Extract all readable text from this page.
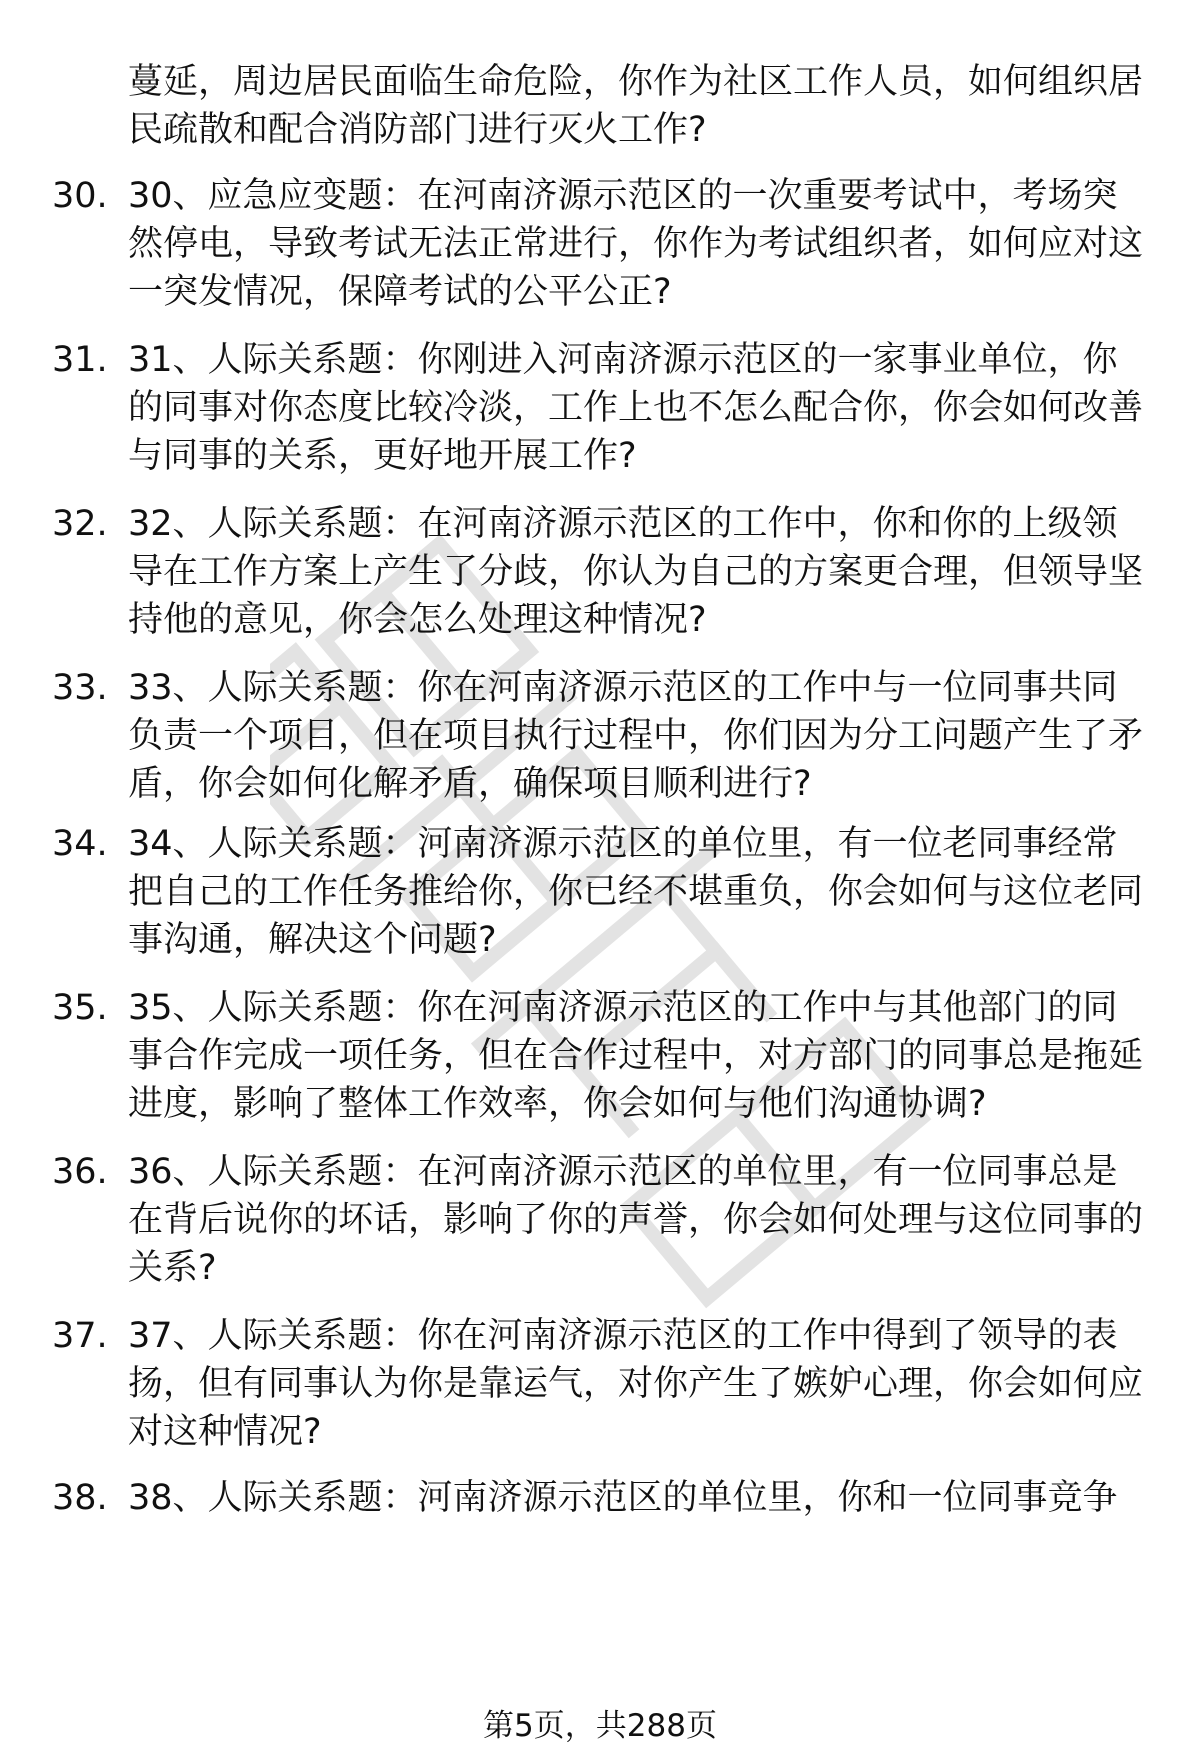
蔓延，周边居民面临生命危险，你作为社区工作人员，如何组织居民疏散和配合消防部门进行灭火工作?
30. 30、应急应变题：在河南济源示范区的一次重要考试中，考场突然停电，导致考试无法正常进行，你作为考试组织者，如何应对这一突发情况，保障考试的公平公正?
31. 31、人际关系题：你刚进入河南济源示范区的一家事业单位，你的同事对你态度比较冷淡，工作上也不怎么配合你，你会如何改善与同事的关系，更好地开展工作?
32. 32、人际关系题：在河南济源示范区的工作中，你和你的上级领导在工作方案上产生了分歧，你认为自己的方案更合理，但领导坚持他的意见，你会怎么处理这种情况?
33. 33、人际关系题：你在河南济源示范区的工作中与一位同事共同负责一个项目，但在项目执行过程中，你们因为分工问题产生了矛盾，你会如何化解矛盾，确保项目顺利进行?
34. 34、人际关系题：河南济源示范区的单位里，有一位老同事经常把自己的工作任务推给你，你已经不堪重负，你会如何与这位老同事沟通，解决这个问题?
35. 35、人际关系题：你在河南济源示范区的工作中与其他部门的同事合作完成一项任务，但在合作过程中，对方部门的同事总是拖延进度，影响了整体工作效率，你会如何与他们沟通协调?
36. 36、人际关系题：在河南济源示范区的单位里，有一位同事总是在背后说你的坏话，影响了你的声誉，你会如何处理与这位同事的关系?
37. 37、人际关系题：你在河南济源示范区的工作中得到了领导的表扬，但有同事认为你是靠运气，对你产生了嫉妒心理，你会如何应对这种情况?
38. 38、人际关系题：河南济源示范区的单位里，你和一位同事竞争
第5页，共288页
